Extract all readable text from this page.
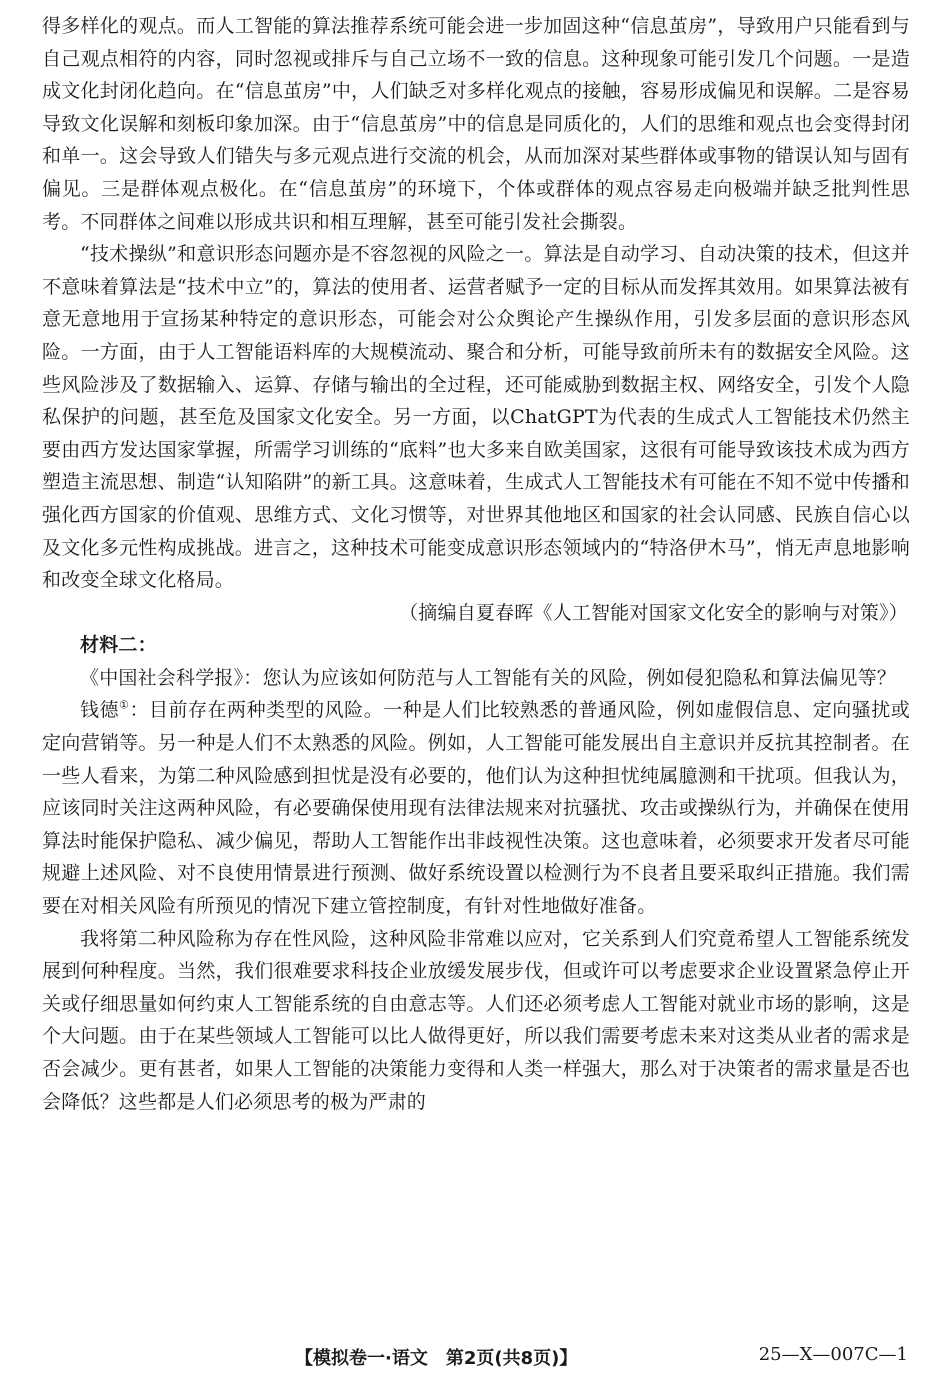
得多样化的观点。而人工智能的算法推荐系统可能会进一步加固这种“信息茧房”，导致用户只能看到与自己观点相符的内容，同时忽视或排斥与自己立场不一致的信息。这种现象可能引发几个问题。一是造成文化封闭化趋向。在“信息茧房”中，人们缺乏对多样化观点的接触，容易形成偏见和误解。二是容易导致文化误解和刻板印象加深。由于“信息茧房”中的信息是同质化的，人们的思维和观点也会变得封闭和单一。这会导致人们错失与多元观点进行交流的机会，从而加深对某些群体或事物的错误认知与固有偏见。三是群体观点极化。在“信息茧房”的环境下，个体或群体的观点容易走向极端并缺乏批判性思考。不同群体之间难以形成共识和相互理解，甚至可能引发社会撕裂。

“技术操纵”和意识形态问题亦是不容忽视的风险之一。算法是自动学习、自动决策的技术，但这并不意味着算法是“技术中立”的，算法的使用者、运营者赋予一定的目标从而发挥其效用。如果算法被有意无意地用于宣扬某种特定的意识形态，可能会对公众舆论产生操纵作用，引发多层面的意识形态风险。一方面，由于人工智能语料库的大规模流动、聚合和分析，可能导致前所未有的数据安全风险。这些风险涉及了数据输入、运算、存储与输出的全过程，还可能威胁到数据主权、网络安全，引发个人隐私保护的问题，甚至危及国家文化安全。另一方面，以ChatGPT为代表的生成式人工智能技术仍然主要由西方发达国家掌握，所需学习训练的“底料”也大多来自欧美国家，这很有可能导致该技术成为西方塑造主流思想、制造“认知陷阱”的新工具。这意味着，生成式人工智能技术有可能在不知不觉中传播和强化西方国家的价值观、思维方式、文化习惯等，对世界其他地区和国家的社会认同感、民族自信心以及文化多元性构成挑战。进言之，这种技术可能变成意识形态领域内的“特洛伊木马”，悄无声息地影响和改变全球文化格局。

（摘编自夏春晖《人工智能对国家文化安全的影响与对策》）

材料二：

《中国社会科学报》：您认为应该如何防范与人工智能有关的风险，例如侵犯隐私和算法偏见等？

钱德①：目前存在两种类型的风险。一种是人们比较熟悉的普通风险，例如虚假信息、定向骚扰或定向营销等。另一种是人们不太熟悉的风险。例如，人工智能可能发展出自主意识并反抗其控制者。在一些人看来，为第二种风险感到担忧是没有必要的，他们认为这种担忧纯属臆测和干扰项。但我认为，应该同时关注这两种风险，有必要确保使用现有法律法规来对抗骚扰、攻击或操纵行为，并确保在使用算法时能保护隐私、减少偏见，帮助人工智能作出非歧视性决策。这也意味着，必须要求开发者尽可能规避上述风险、对不良使用情景进行预测、做好系统设置以检测行为不良者且要采取纠正措施。我们需要在对相关风险有所预见的情况下建立管控制度，有针对性地做好准备。

我将第二种风险称为存在性风险，这种风险非常难以应对，它关系到人们究竟希望人工智能系统发展到何种程度。当然，我们很难要求科技企业放缓发展步伐，但或许可以考虑要求企业设置紧急停止开关或仔细思量如何约束人工智能系统的自由意志等。人们还必须考虑人工智能对就业市场的影响，这是个大问题。由于在某些领域人工智能可以比人做得更好，所以我们需要考虑未来对这类从业者的需求是否会减少。更有甚者，如果人工智能的决策能力变得和人类一样强大，那么对于决策者的需求量是否也会降低？这些都是人们必须思考的极为严肃的

【模拟卷一·语文　第2页(共8页)】	25—X—007C—1
